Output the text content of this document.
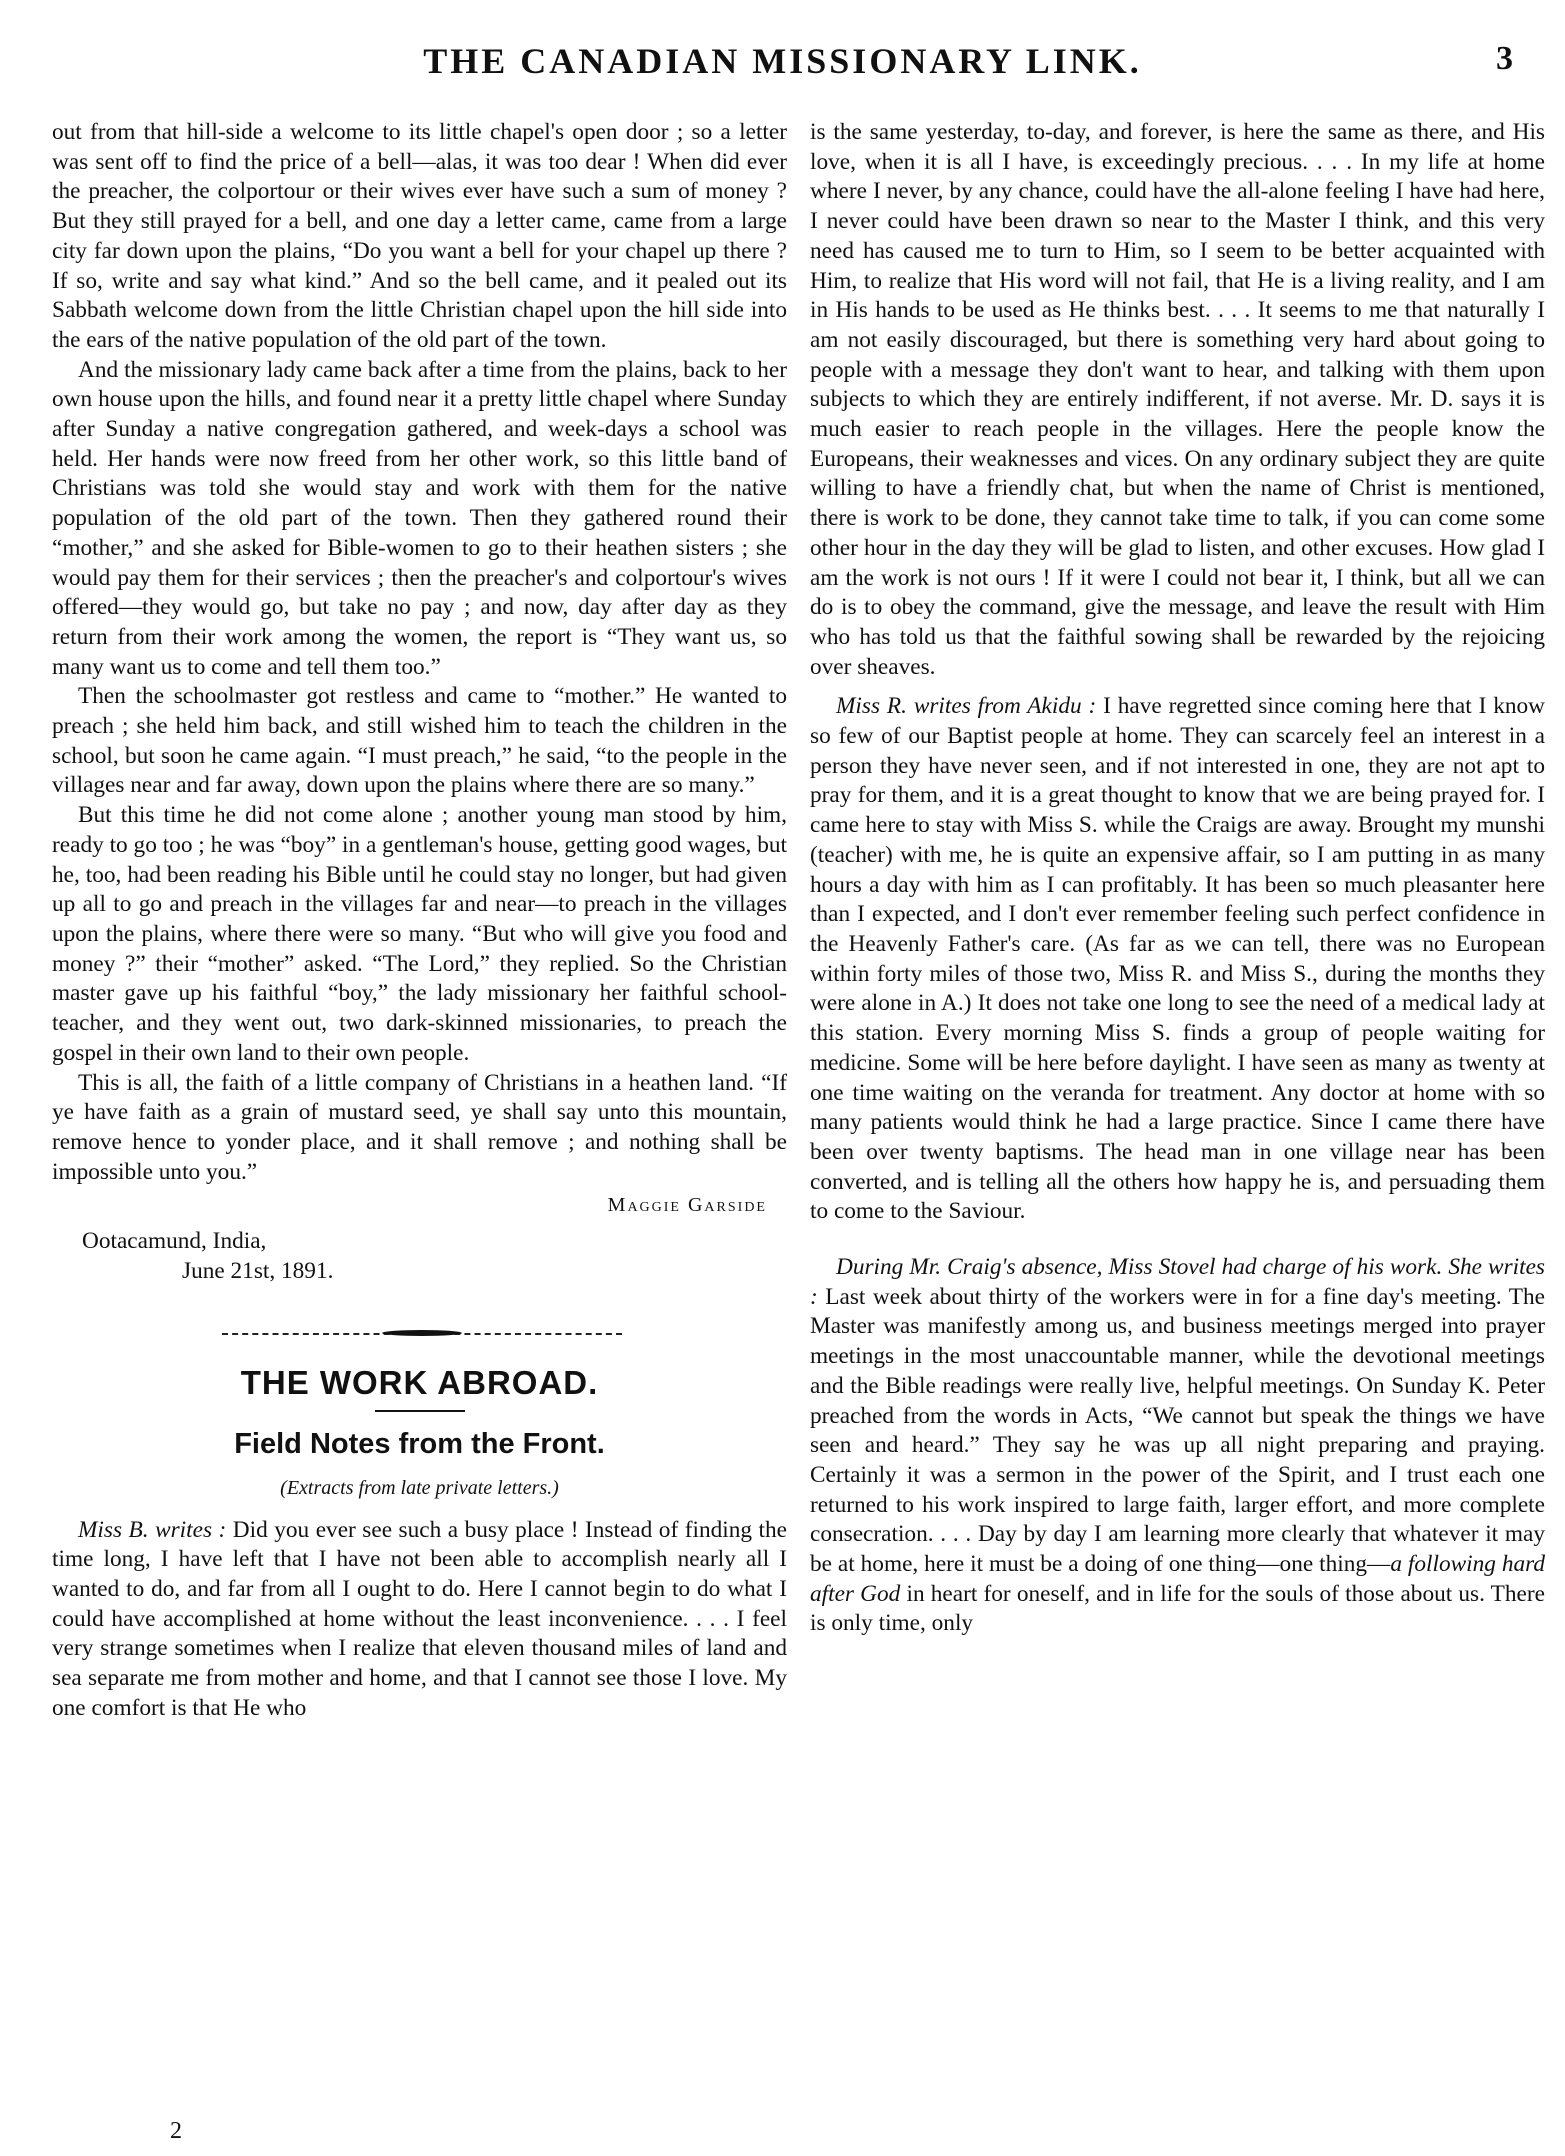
THE CANADIAN MISSIONARY LINK.	3

out from that hill-side a welcome to its little chapel's open door ; so a letter was sent off to find the price of a bell—alas, it was too dear ! When did ever the preacher, the colportour or their wives ever have such a sum of money ? But they still prayed for a bell, and one day a letter came, came from a large city far down upon the plains, “Do you want a bell for your chapel up there ? If so, write and say what kind.” And so the bell came, and it pealed out its Sabbath welcome down from the little Christian chapel upon the hill side into the ears of the native population of the old part of the town.

And the missionary lady came back after a time from the plains, back to her own house upon the hills, and found near it a pretty little chapel where Sunday after Sunday a native congregation gathered, and week-days a school was held. Her hands were now freed from her other work, so this little band of Christians was told she would stay and work with them for the native population of the old part of the town. Then they gathered round their “mother,” and she asked for Bible-women to go to their heathen sisters ; she would pay them for their services ; then the preacher's and colportour's wives offered—they would go, but take no pay ; and now, day after day as they return from their work among the women, the report is “They want us, so many want us to come and tell them too.”

Then the schoolmaster got restless and came to “mother.” He wanted to preach ; she held him back, and still wished him to teach the children in the school, but soon he came again. “I must preach,” he said, “to the people in the villages near and far away, down upon the plains where there are so many.”

But this time he did not come alone ; another young man stood by him, ready to go too ; he was “boy” in a gentleman's house, getting good wages, but he, too, had been reading his Bible until he could stay no longer, but had given up all to go and preach in the villages far and near—to preach in the villages upon the plains, where there were so many. “But who will give you food and money ?” their “mother” asked. “The Lord,” they replied. So the Christian master gave up his faithful “boy,” the lady missionary her faithful school-teacher, and they went out, two dark-skinned missionaries, to preach the gospel in their own land to their own people.

This is all, the faith of a little company of Christians in a heathen land. “If ye have faith as a grain of mustard seed, ye shall say unto this mountain, remove hence to yonder place, and it shall remove ; and nothing shall be impossible unto you.”

Maggie Garside
Ootacamund, India,
June 21st, 1891.
THE WORK ABROAD.
Field Notes from the Front.
(Extracts from late private letters.)

Miss B. writes : Did you ever see such a busy place ! Instead of finding the time long, I have left that I have not been able to accomplish nearly all I wanted to do, and far from all I ought to do. Here I cannot begin to do what I could have accomplished at home without the least inconvenience. . . . I feel very strange sometimes when I realize that eleven thousand miles of land and sea separate me from mother and home, and that I cannot see those I love. My one comfort is that He who

is the same yesterday, to-day, and forever, is here the same as there, and His love, when it is all I have, is exceedingly precious. . . . In my life at home where I never, by any chance, could have the all-alone feeling I have had here, I never could have been drawn so near to the Master I think, and this very need has caused me to turn to Him, so I seem to be better acquainted with Him, to realize that His word will not fail, that He is a living reality, and I am in His hands to be used as He thinks best. . . . It seems to me that naturally I am not easily discouraged, but there is something very hard about going to people with a message they don't want to hear, and talking with them upon subjects to which they are entirely indifferent, if not averse. Mr. D. says it is much easier to reach people in the villages. Here the people know the Europeans, their weaknesses and vices. On any ordinary subject they are quite willing to have a friendly chat, but when the name of Christ is mentioned, there is work to be done, they cannot take time to talk, if you can come some other hour in the day they will be glad to listen, and other excuses. How glad I am the work is not ours ! If it were I could not bear it, I think, but all we can do is to obey the command, give the message, and leave the result with Him who has told us that the faithful sowing shall be rewarded by the rejoicing over sheaves.

Miss R. writes from Akidu : I have regretted since coming here that I know so few of our Baptist people at home. They can scarcely feel an interest in a person they have never seen, and if not interested in one, they are not apt to pray for them, and it is a great thought to know that we are being prayed for. I came here to stay with Miss S. while the Craigs are away. Brought my munshi (teacher) with me, he is quite an expensive affair, so I am putting in as many hours a day with him as I can profitably. It has been so much pleasanter here than I expected, and I don't ever remember feeling such perfect confidence in the Heavenly Father's care. (As far as we can tell, there was no European within forty miles of those two, Miss R. and Miss S., during the months they were alone in A.) It does not take one long to see the need of a medical lady at this station. Every morning Miss S. finds a group of people waiting for medicine. Some will be here before daylight. I have seen as many as twenty at one time waiting on the veranda for treatment. Any doctor at home with so many patients would think he had a large practice. Since I came there have been over twenty baptisms. The head man in one village near has been converted, and is telling all the others how happy he is, and persuading them to come to the Saviour.

During Mr. Craig's absence, Miss Stovel had charge of his work. She writes : Last week about thirty of the workers were in for a fine day's meeting. The Master was manifestly among us, and business meetings merged into prayer meetings in the most unaccountable manner, while the devotional meetings and the Bible readings were really live, helpful meetings. On Sunday K. Peter preached from the words in Acts, “We cannot but speak the things we have seen and heard.” They say he was up all night preparing and praying. Certainly it was a sermon in the power of the Spirit, and I trust each one returned to his work inspired to large faith, larger effort, and more complete consecration. . . . Day by day I am learning more clearly that whatever it may be at home, here it must be a doing of one thing—one thing—a following hard after God in heart for oneself, and in life for the souls of those about us. There is only time, only

2
